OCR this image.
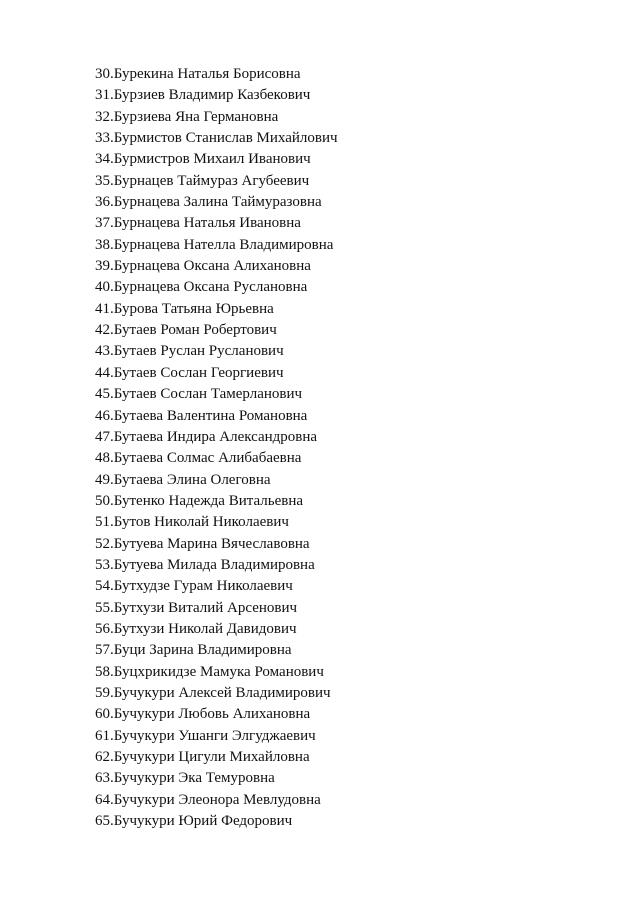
30.Бурекина Наталья Борисовна
31.Бурзиев Владимир Казбекович
32.Бурзиева Яна Германовна
33.Бурмистов Станислав Михайлович
34.Бурмистров Михаил Иванович
35.Бурнацев Таймураз Агубеевич
36.Бурнацева Залина Таймуразовна
37.Бурнацева Наталья Ивановна
38.Бурнацева Нателла Владимировна
39.Бурнацева Оксана Алихановна
40.Бурнацева Оксана Руслановна
41.Бурова Татьяна Юрьевна
42.Бутаев Роман Робертович
43.Бутаев Руслан Русланович
44.Бутаев Сослан Георгиевич
45.Бутаев Сослан Тамерланович
46.Бутаева Валентина Романовна
47.Бутаева Индира Александровна
48.Бутаева Солмас Алибабаевна
49.Бутаева Элина Олеговна
50.Бутенко Надежда Витальевна
51.Бутов Николай Николаевич
52.Бутуева Марина Вячеславовна
53.Бутуева Милада Владимировна
54.Бутхудзе Гурам Николаевич
55.Бутхузи Виталий Арсенович
56.Бутхузи Николай Давидович
57.Буци Зарина Владимировна
58.Буцхрикидзе Мамука Романович
59.Бучукури Алексей Владимирович
60.Бучукури Любовь Алихановна
61.Бучукури Ушанги Элгуджаевич
62.Бучукури Цигули Михайловна
63.Бучукури Эка Темуровна
64.Бучукури Элеонора Мевлудовна
65.Бучукури Юрий Федорович
